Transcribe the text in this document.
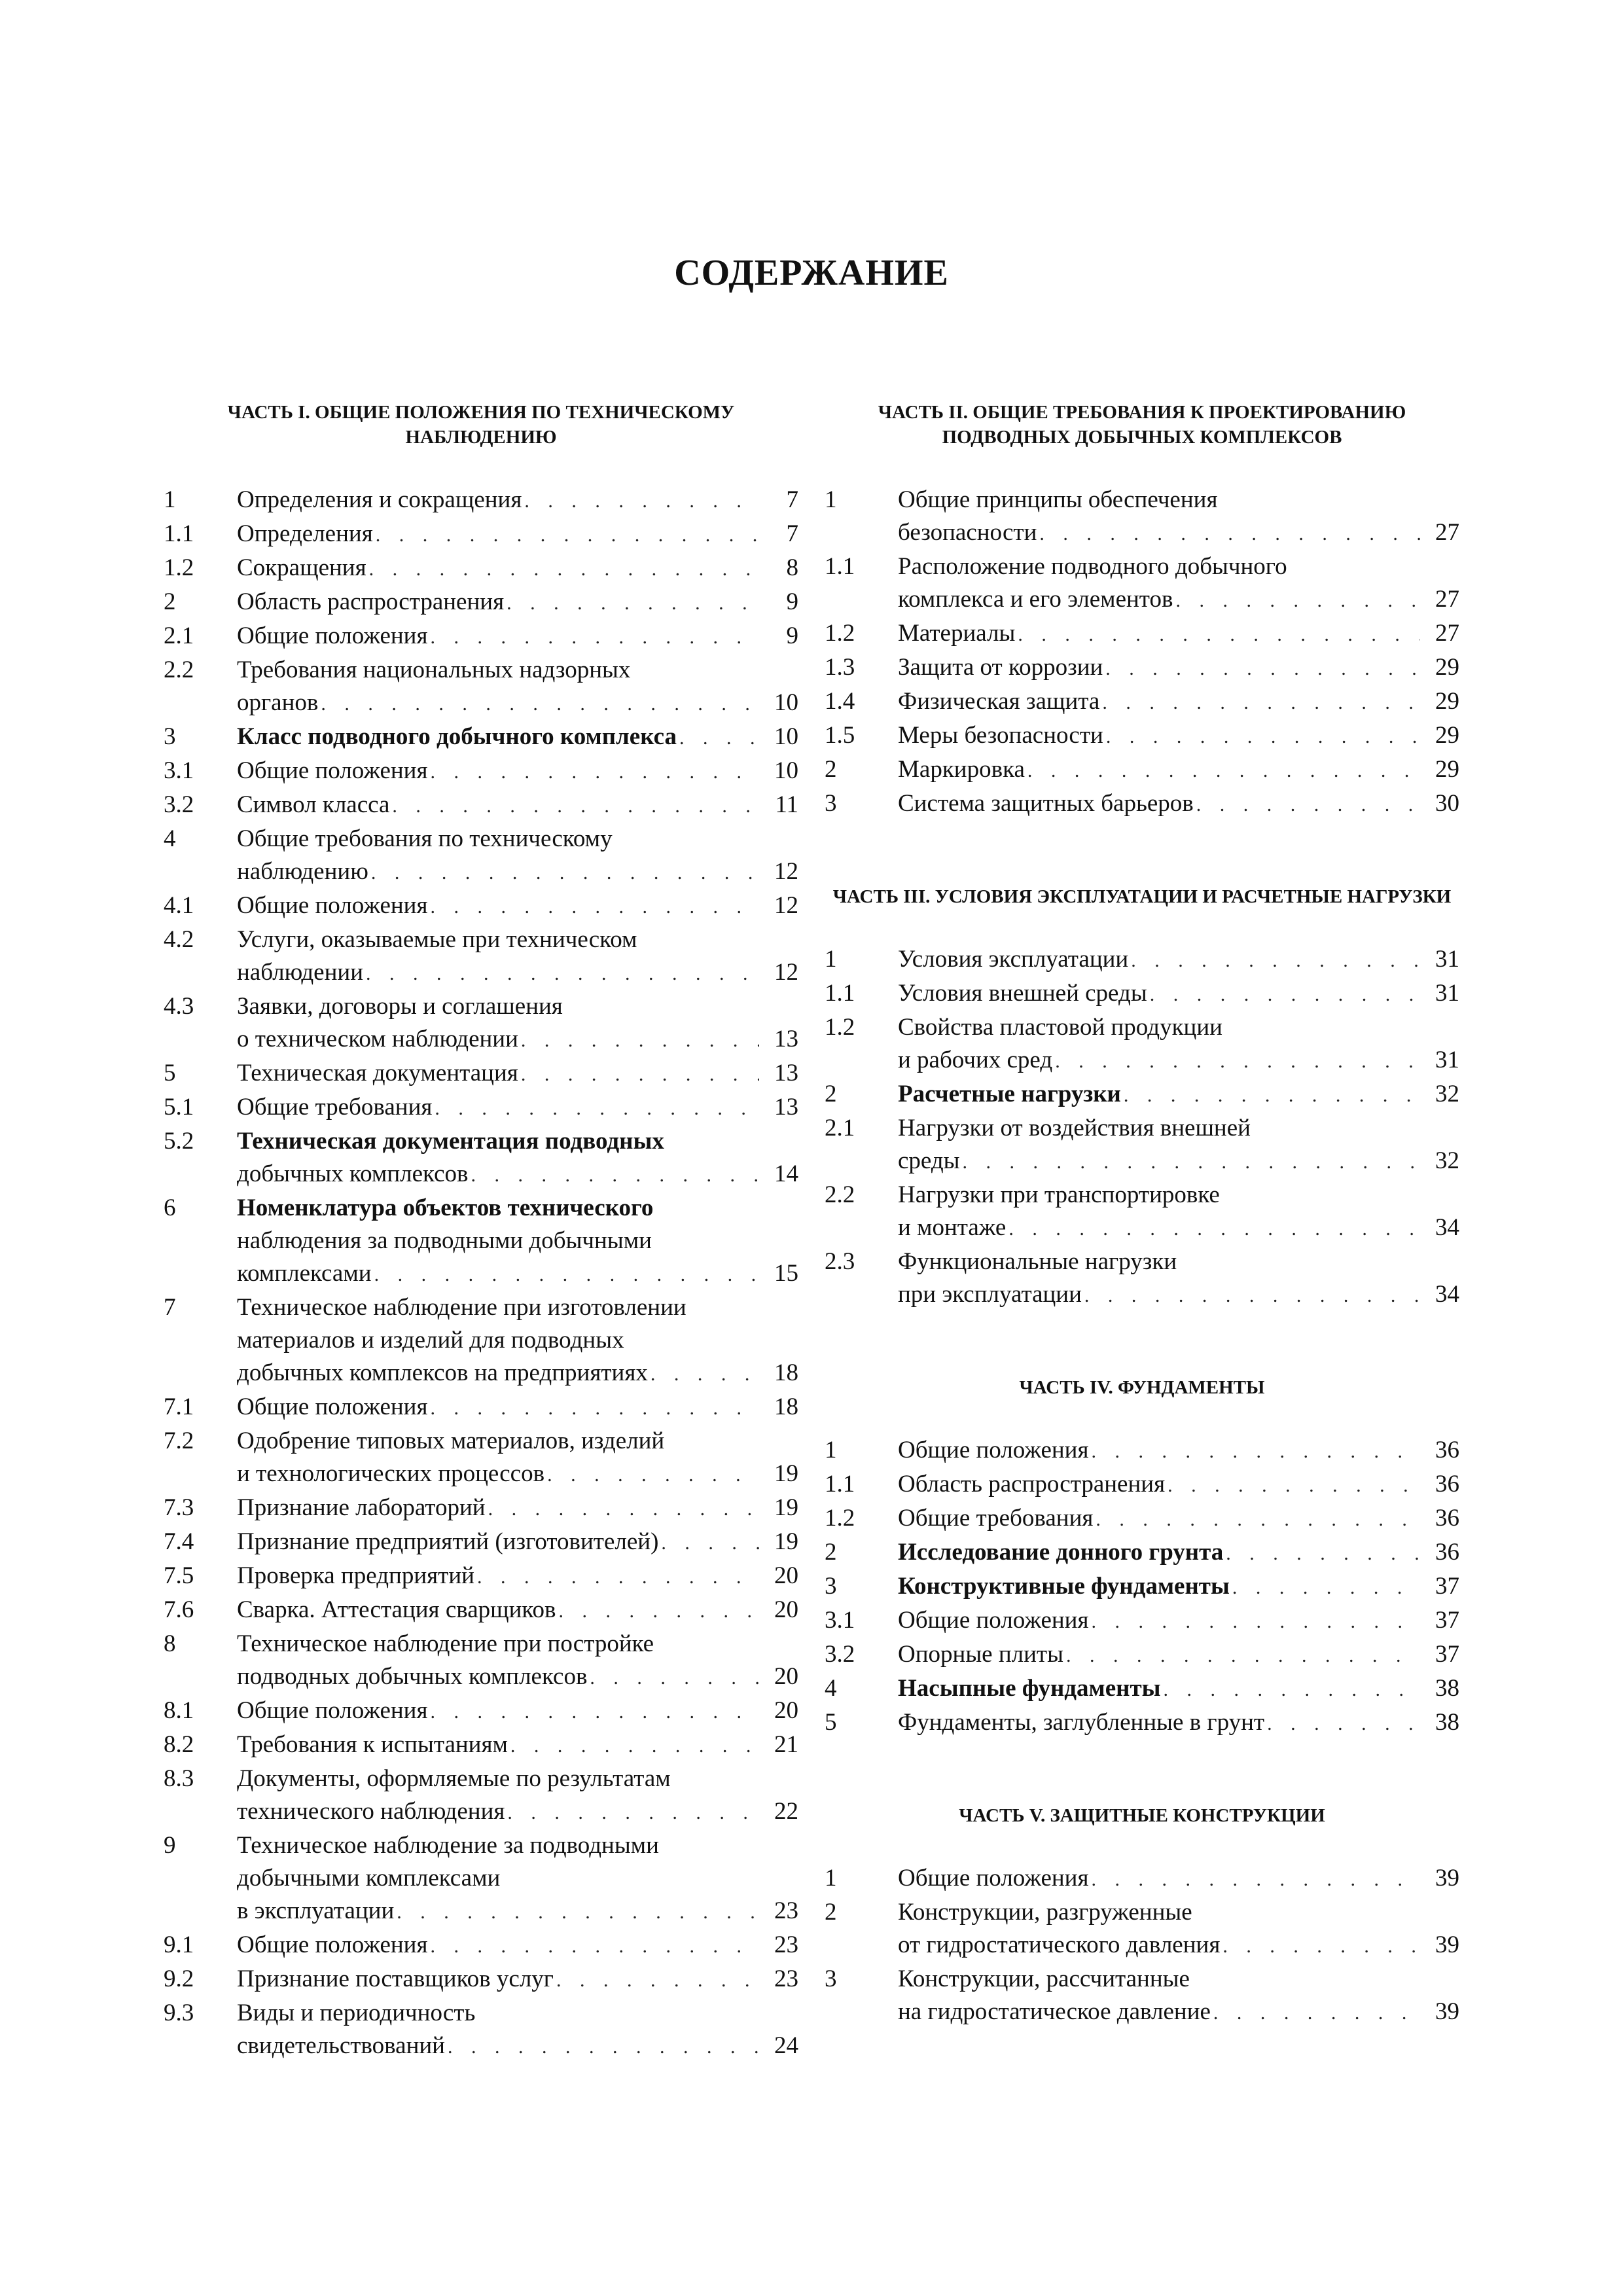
СОДЕРЖАНИЕ
ЧАСТЬ I. ОБЩИЕ ПОЛОЖЕНИЯ ПО ТЕХНИЧЕСКОМУ НАБЛЮДЕНИЮ
1	Определения и сокращения . . .	7
1.1	Определения . . .	7
1.2	Сокращения . . .	8
2	Область распространения . . .	9
2.1	Общие положения . . .	9
2.2	Требования национальных надзорных
органов . . .	10
3	Класс подводного добычного комплекса . . .	10
3.1	Общие положения . . .	10
3.2	Символ класса . . .	11
4	Общие требования по техническому
наблюдению . . .	12
4.1	Общие положения . . .	12
4.2	Услуги, оказываемые при техническом
наблюдении . . .	12
4.3	Заявки, договоры и соглашения
о техническом наблюдении . . .	13
5	Техническая документация . . .	13
5.1	Общие требования . . .	13
5.2	Техническая документация подводных
добычных комплексов . . .	14
6	Номенклатура объектов технического
наблюдения за подводными добычными
комплексами . . .	15
7	Техническое наблюдение при изготовлении
материалов и изделий для подводных
добычных комплексов на предприятиях . . .	18
7.1	Общие положения . . .	18
7.2	Одобрение типовых материалов, изделий
и технологических процессов . . .	19
7.3	Признание лабораторий . . .	19
7.4	Признание предприятий (изготовителей) . . .	19
7.5	Проверка предприятий . . .	20
7.6	Сварка. Аттестация сварщиков . . .	20
8	Техническое наблюдение при постройке
подводных добычных комплексов . . .	20
8.1	Общие положения . . .	20
8.2	Требования к испытаниям . . .	21
8.3	Документы, оформляемые по результатам
технического наблюдения . . .	22
9	Техническое наблюдение за подводными
добычными комплексами
в эксплуатации . . .	23
9.1	Общие положения . . .	23
9.2	Признание поставщиков услуг . . .	23
9.3	Виды и периодичность
свидетельствований . . .	24
ЧАСТЬ II. ОБЩИЕ ТРЕБОВАНИЯ К ПРОЕКТИРОВАНИЮ ПОДВОДНЫХ ДОБЫЧНЫХ КОМПЛЕКСОВ
1	Общие принципы обеспечения
безопасности . . .	27
1.1	Расположение подводного добычного
комплекса и его элементов . . .	27
1.2	Материалы . . .	27
1.3	Защита от коррозии . . .	29
1.4	Физическая защита . . .	29
1.5	Меры безопасности . . .	29
2	Маркировка . . .	29
3	Система защитных барьеров . . .	30
ЧАСТЬ III. УСЛОВИЯ ЭКСПЛУАТАЦИИ И РАСЧЕТНЫЕ НАГРУЗКИ
1	Условия эксплуатации . . .	31
1.1	Условия внешней среды . . .	31
1.2	Свойства пластовой продукции
и рабочих сред . . .	31
2	Расчетные нагрузки . . .	32
2.1	Нагрузки от воздействия внешней
среды . . .	32
2.2	Нагрузки при транспортировке
и монтаже . . .	34
2.3	Функциональные нагрузки
при эксплуатации . . .	34
ЧАСТЬ IV. ФУНДАМЕНТЫ
1	Общие положения . . .	36
1.1	Область распространения . . .	36
1.2	Общие требования . . .	36
2	Исследование донного грунта . . .	36
3	Конструктивные фундаменты . . .	37
3.1	Общие положения . . .	37
3.2	Опорные плиты . . .	37
4	Насыпные фундаменты . . .	38
5	Фундаменты, заглубленные в грунт . . .	38
ЧАСТЬ V. ЗАЩИТНЫЕ КОНСТРУКЦИИ
1	Общие положения . . .	39
2	Конструкции, разгруженные
от гидростатического давления . . .	39
3	Конструкции, рассчитанные
на гидростатическое давление . . .	39
